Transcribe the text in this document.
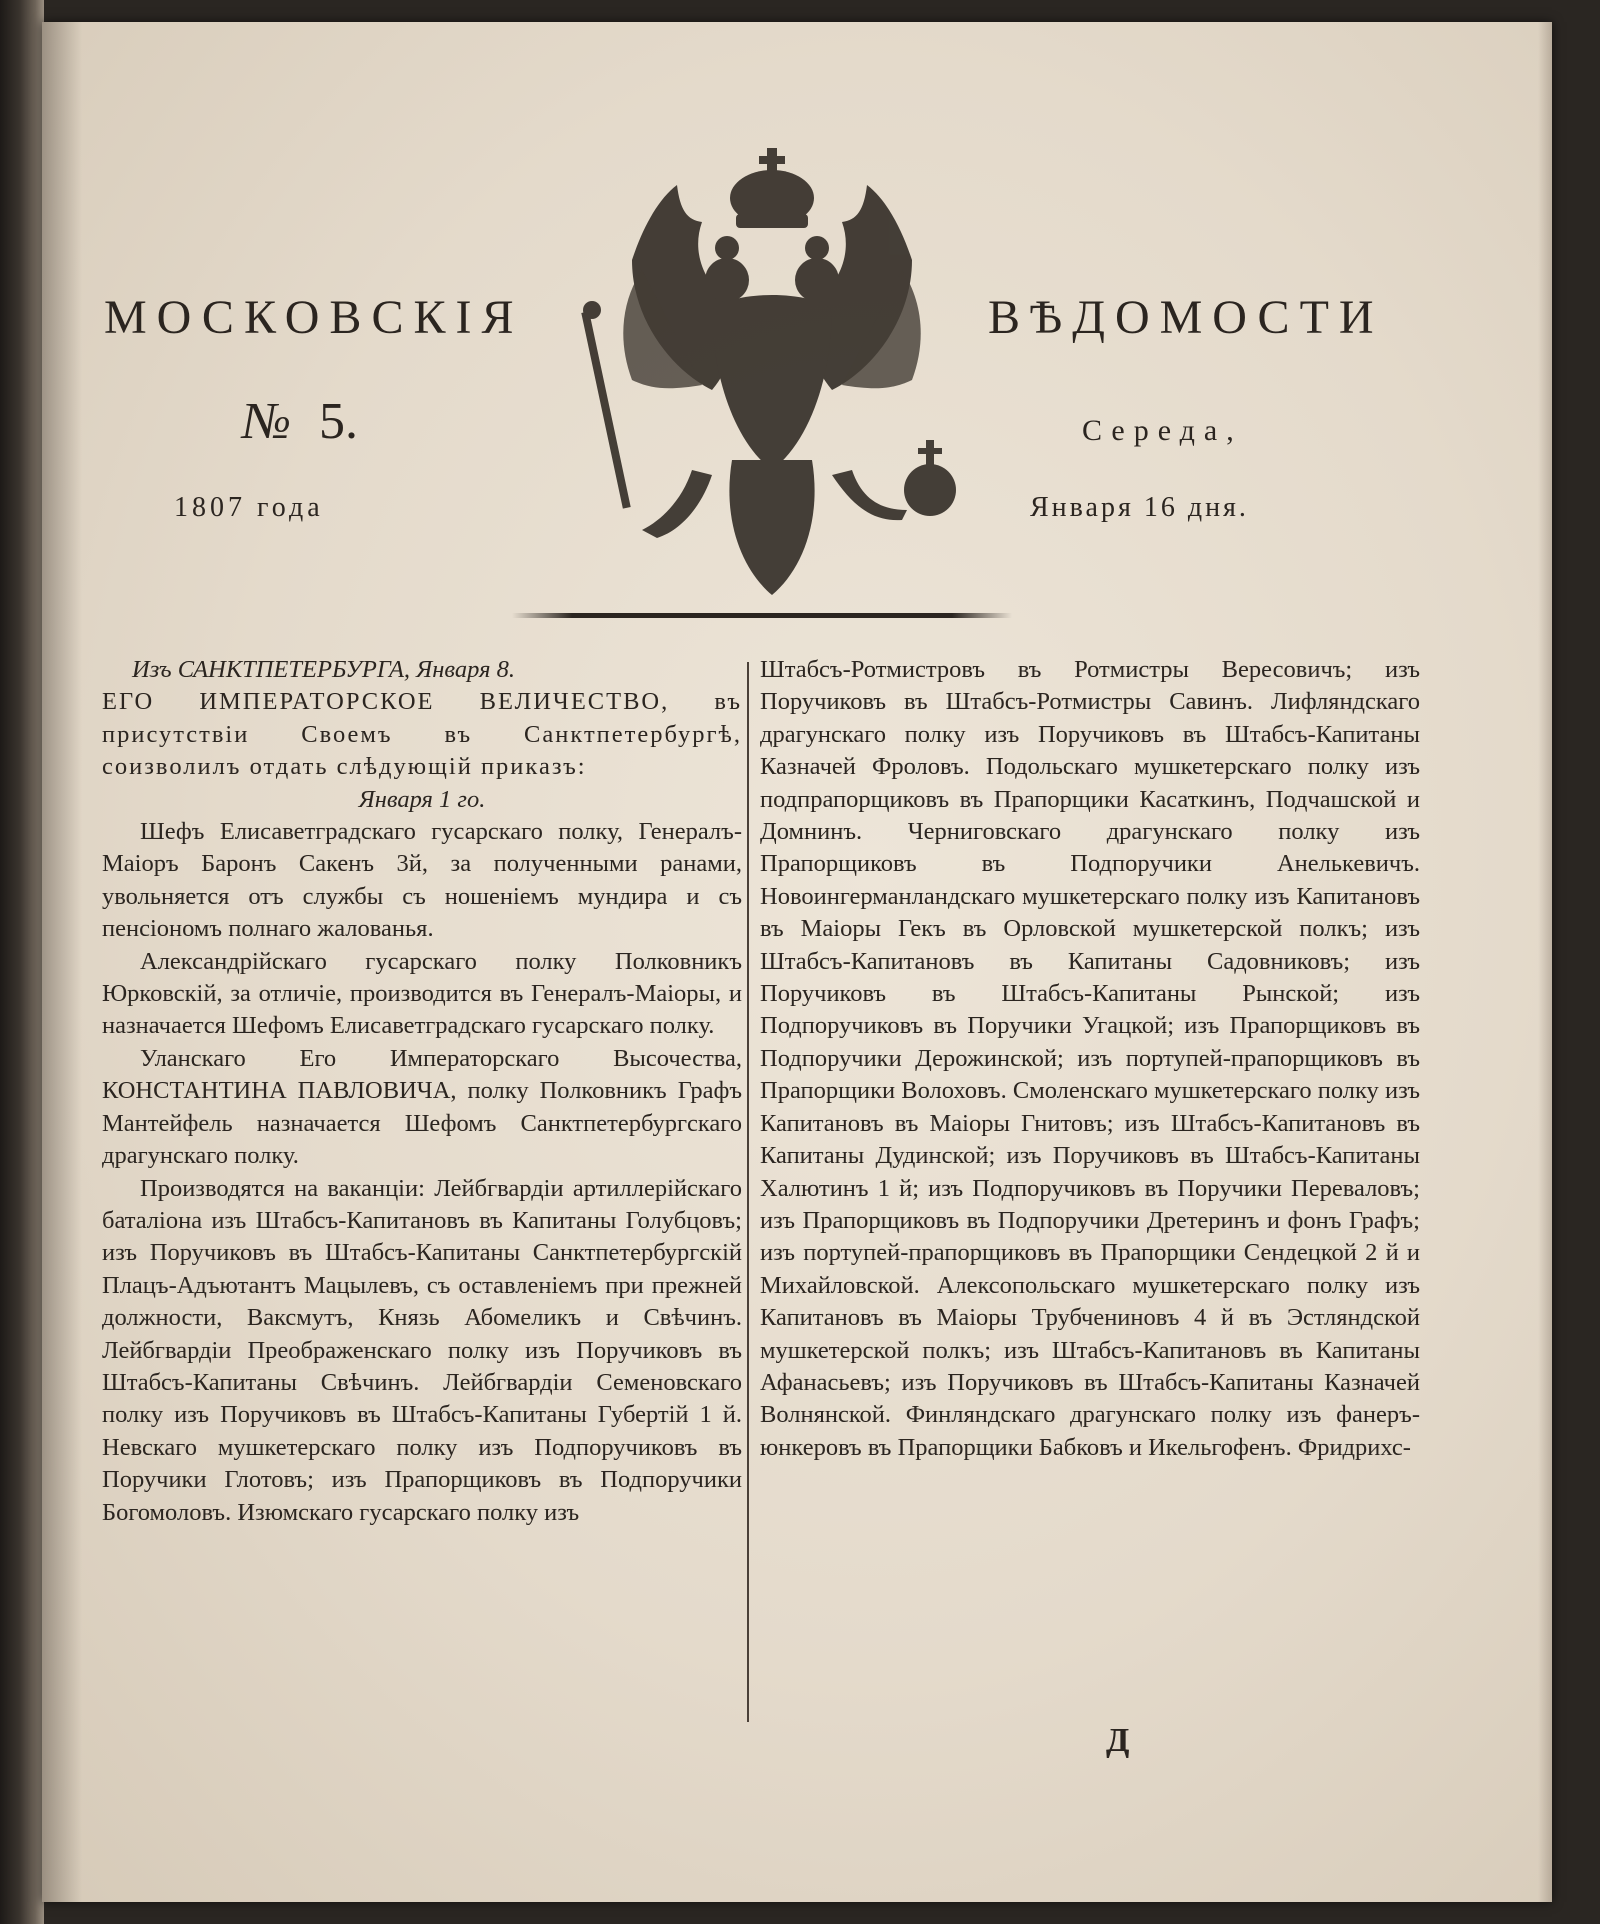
МОСКОВСКІЯ	ВѢДОМОСТИ
№ 5.	Середа,
1807 года	Января 16 дня.

Изъ САНКТПЕТЕРБУРГА, Января 8.

ЕГО ИМПЕРАТОРСКОЕ ВЕЛИЧЕСТВО, въ присутствіи Своемъ въ Санктпетербургѣ, соизволилъ отдать слѣдующій приказъ:

Января 1 го.

Шефъ Елисаветградскаго гусарскаго полку, Генералъ-Маіоръ Баронъ Сакенъ 3й, за полученными ранами, увольняется отъ службы съ ношеніемъ мундира и съ пенсіономъ полнаго жалованья.

Александрійскаго гусарскаго полку Полковникъ Юрковскій, за отличіе, производится въ Генералъ-Маіоры, и назначается Шефомъ Елисаветградскаго гусарскаго полку.

Уланскаго Его Императорскаго Высочества, КОНСТАНТИНА ПАВЛОВИЧА, полку Полковникъ Графъ Мантейфель назначается Шефомъ Санктпетербургскаго драгунскаго полку.

Производятся на ваканціи: Лейбгвардіи артиллерійскаго баталіона изъ Штабсъ-Капитановъ въ Капитаны Голубцовъ; изъ Поручиковъ въ Штабсъ-Капитаны Санктпетербургскій Плацъ-Адъютантъ Мацылевъ, съ оставленіемъ при прежней должности, Ваксмутъ, Князь Абомеликъ и Свѣчинъ. Лейбгвардіи Преображенскаго полку изъ Поручиковъ въ Штабсъ-Капитаны Свѣчинъ. Лейбгвардіи Семеновскаго полку изъ Поручиковъ въ Штабсъ-Капитаны Губертій 1 й. Невскаго мушкетерскаго полку изъ Подпоручиковъ въ Поручики Глотовъ; изъ Прапорщиковъ въ Подпоручики Богомоловъ. Изюмскаго гусарскаго полку изъ

Штабсъ-Ротмистровъ въ Ротмистры Вересовичъ; изъ Поручиковъ въ Штабсъ-Ротмистры Савинъ. Лифляндскаго драгунскаго полку изъ Поручиковъ въ Штабсъ-Капитаны Казначей Фроловъ. Подольскаго мушкетерскаго полку изъ подпрапорщиковъ въ Прапорщики Касаткинъ, Подчашской и Домнинъ. Черниговскаго драгунскаго полку изъ Прапорщиковъ въ Подпоручики Анелькевичъ. Новоингерманландскаго мушкетерскаго полку изъ Капитановъ въ Маіоры Гекъ въ Орловской мушкетерской полкъ; изъ Штабсъ-Капитановъ въ Капитаны Садовниковъ; изъ Поручиковъ въ Штабсъ-Капитаны Рынской; изъ Подпоручиковъ въ Поручики Угацкой; изъ Прапорщиковъ въ Подпоручики Дерожинской; изъ портупей-прапорщиковъ въ Прапорщики Волоховъ. Смоленскаго мушкетерскаго полку изъ Капитановъ въ Маіоры Гнитовъ; изъ Штабсъ-Капитановъ въ Капитаны Дудинской; изъ Поручиковъ въ Штабсъ-Капитаны Халютинъ 1 й; изъ Подпоручиковъ въ Поручики Переваловъ; изъ Прапорщиковъ въ Подпоручики Дретеринъ и фонъ Графъ; изъ портупей-прапорщиковъ въ Прапорщики Сендецкой 2 й и Михайловской. Алексопольскаго мушкетерскаго полку изъ Капитановъ въ Маіоры Трубчениновъ 4 й въ Эстляндской мушкетерской полкъ; изъ Штабсъ-Капитановъ въ Капитаны Афанасьевъ; изъ Поручиковъ въ Штабсъ-Капитаны Казначей Волнянской. Финляндскаго драгунскаго полку изъ фанеръ-юнкеровъ въ Прапорщики Бабковъ и Икельгофенъ. Фридрихс-

Д
